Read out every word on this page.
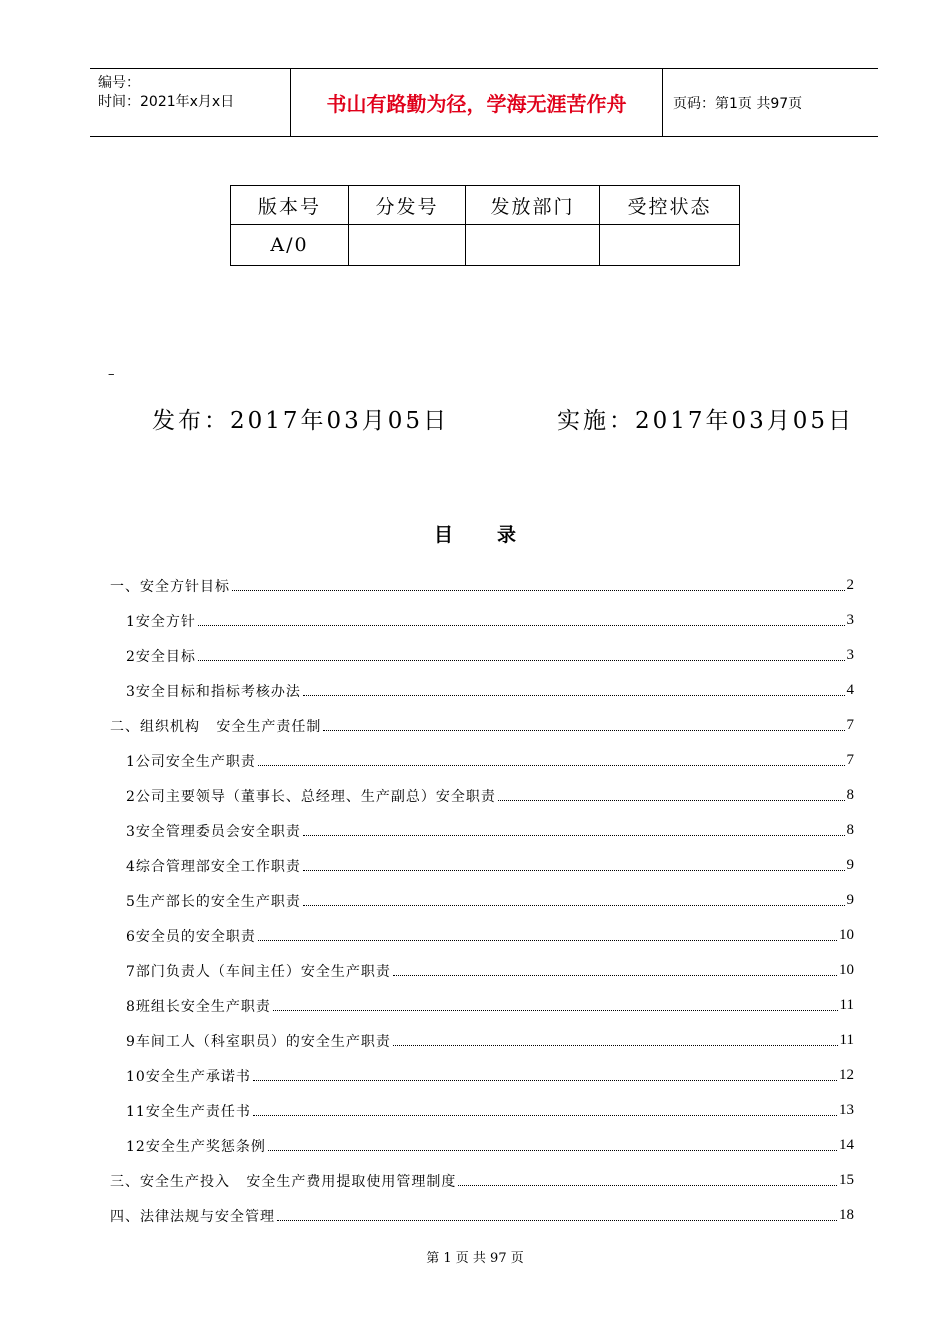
编号：
时间：2021年x月x日	书山有路勤为径，学海无涯苦作舟	页码：第1页 共97页
版本号	分发号	发放部门	受控状态
A/0			
–
发布：2017年03月05日	实施：2017年03月05日
目 录
一、安全方针目标	2
1安全方针	3
2安全目标	3
3安全目标和指标考核办法	4
二、组织机构   安全生产责任制	7
1公司安全生产职责	7
2公司主要领导（董事长、总经理、生产副总）安全职责	8
3安全管理委员会安全职责	8
4综合管理部安全工作职责	9
5生产部长的安全生产职责	9
6安全员的安全职责	10
7部门负责人（车间主任）安全生产职责	10
8班组长安全生产职责	11
9车间工人（科室职员）的安全生产职责	11
10安全生产承诺书	12
11安全生产责任书	13
12安全生产奖惩条例	14
三、安全生产投入   安全生产费用提取使用管理制度	15
四、法律法规与安全管理	18
第 1 页 共 97 页
